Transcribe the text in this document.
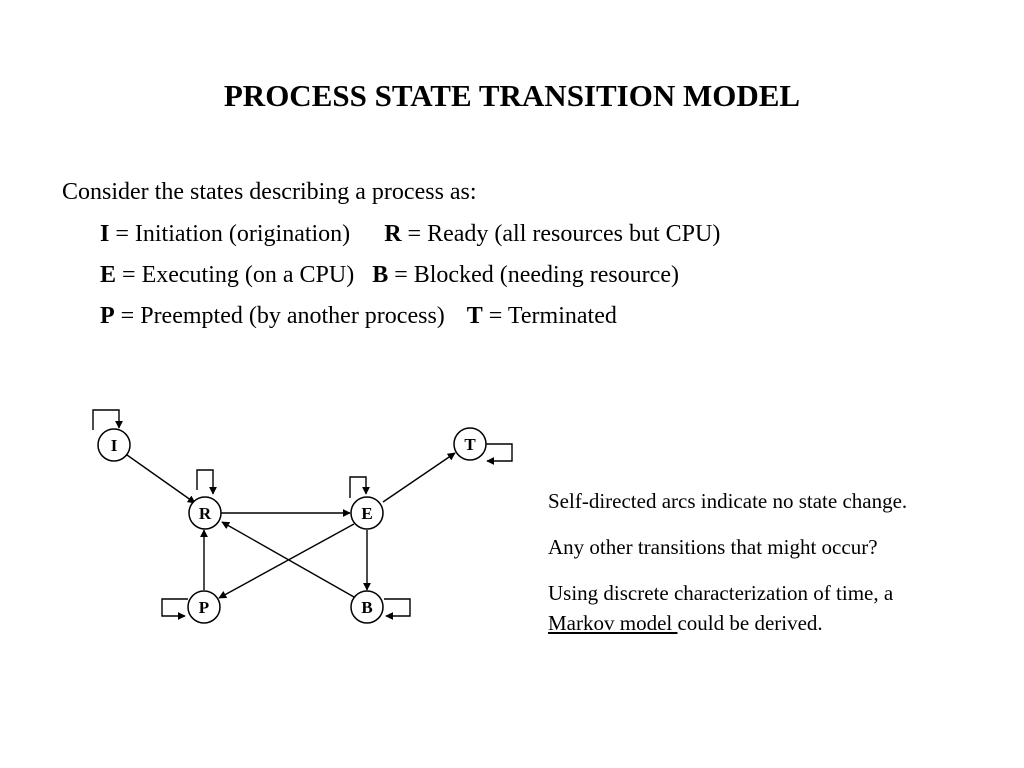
PROCESS STATE TRANSITION MODEL
Consider the states describing a process as:
I = Initiation (origination) R = Ready (all resources but CPU)
E = Executing (on a CPU) B = Blocked (needing resource)
P = Preempted (by another process) T = Terminated
I
R	E
T
P	B

Self-directed arcs indicate no state change.

Any other transitions that might occur?

Using discrete characterization of time, a
Markov model could be derived.
